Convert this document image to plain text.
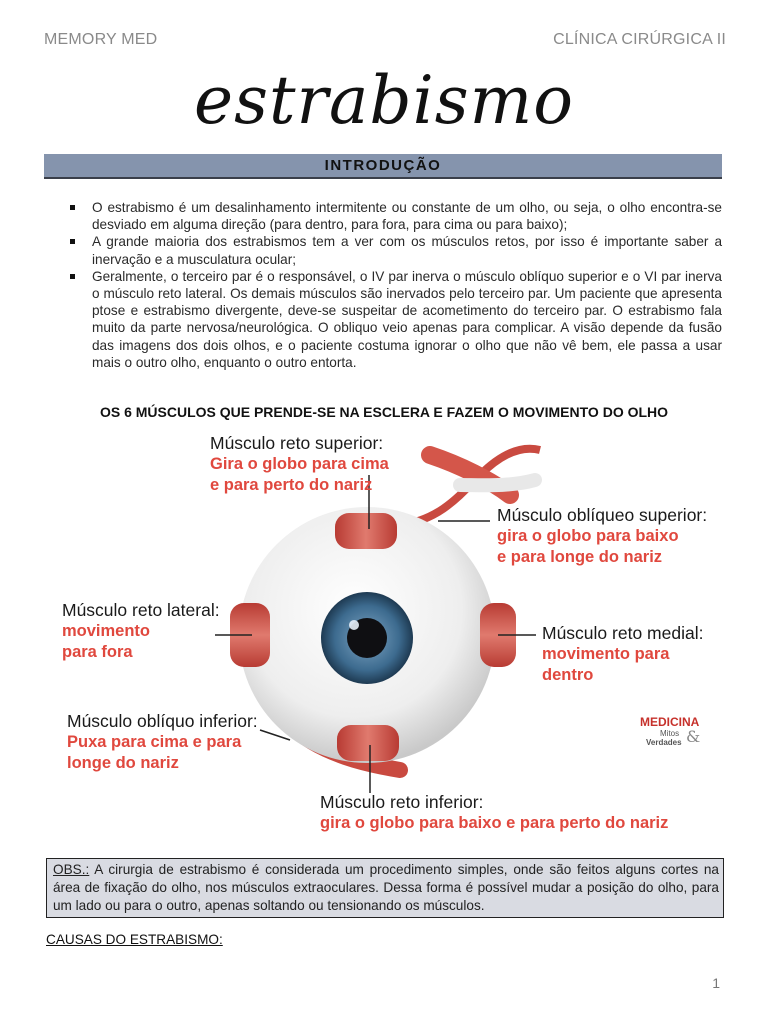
MEMORY MED	CLÍNICA CIRÚRGICA II
estrabismo
INTRODUÇÃO
O estrabismo é um desalinhamento intermitente ou constante de um olho, ou seja, o olho encontra-se desviado em alguma direção (para dentro, para fora, para cima ou para baixo);
A grande maioria dos estrabismos tem a ver com os músculos retos, por isso é importante saber a inervação e a musculatura ocular;
Geralmente, o terceiro par é o responsável, o IV par inerva o músculo oblíquo superior e o VI par inerva o músculo reto lateral. Os demais músculos são inervados pelo terceiro par. Um paciente que apresenta ptose e estrabismo divergente, deve-se suspeitar de acometimento do terceiro par. O estrabismo fala muito da parte nervosa/neurológica. O obliquo veio apenas para complicar. A visão depende da fusão das imagens dos dois olhos, e o paciente costuma ignorar o olho que não vê bem, ele passa a usar mais o outro olho, enquanto o outro entorta.
OS 6 MÚSCULOS QUE PRENDE-SE NA ESCLERA E FAZEM O MOVIMENTO DO OLHO
Músculo reto superior:
Gira o globo para cima
e para perto do nariz
Músculo oblíqueo superior:
gira o globo para baixo
e para longe do nariz
Músculo reto lateral:
movimento
para fora
Músculo reto medial:
movimento para
dentro
Músculo oblíquo inferior:
Puxa para cima e para
longe do nariz
Músculo reto inferior:
gira o globo para baixo e para perto do nariz
MEDICINA
Mitos
Verdades &
OBS.: A cirurgia de estrabismo é considerada um procedimento simples, onde são feitos alguns cortes na área de fixação do olho, nos músculos extraoculares. Dessa forma é possível mudar a posição do olho, para um lado ou para o outro, apenas soltando ou tensionando os músculos.
CAUSAS DO ESTRABISMO:
1
